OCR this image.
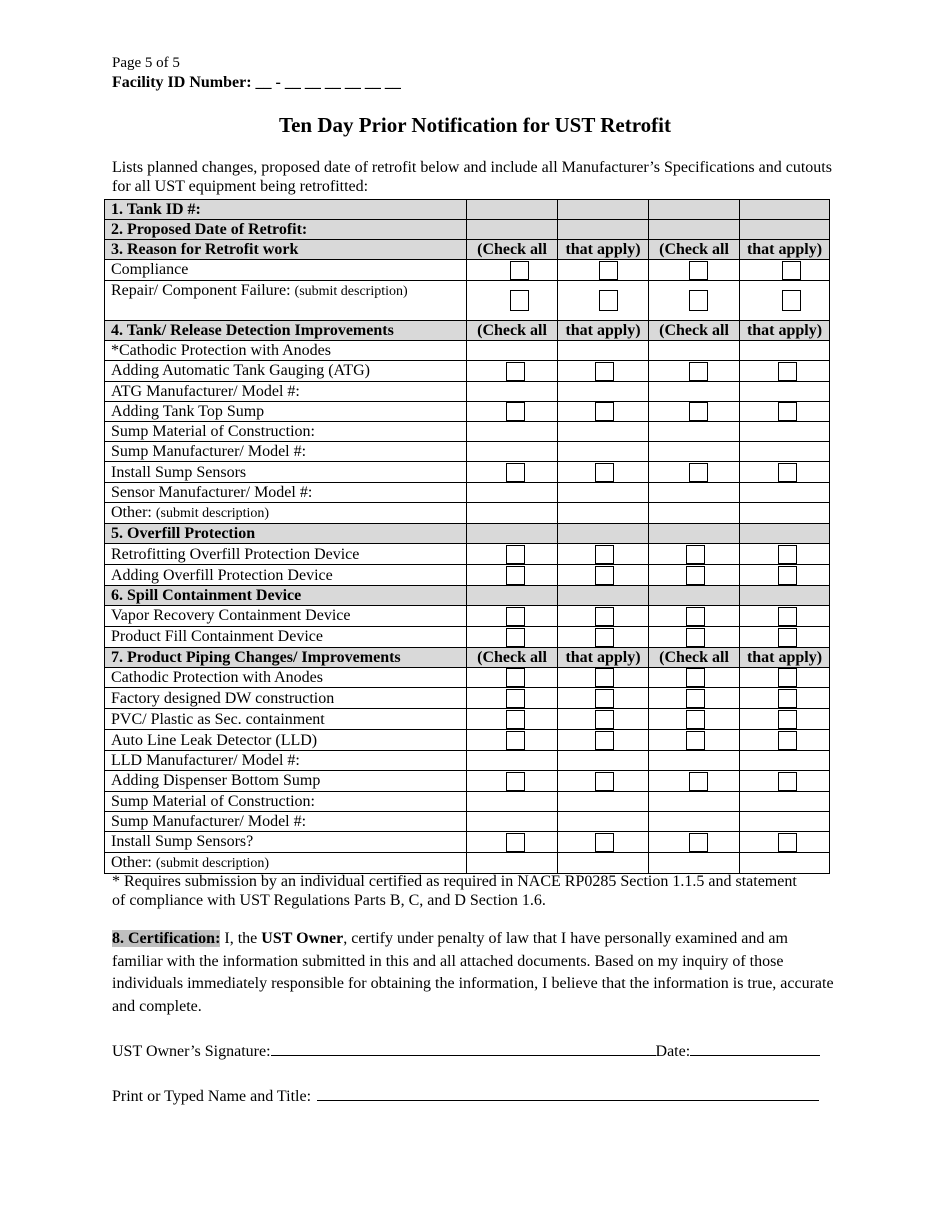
Page 5 of 5
Facility ID Number: __ - __ __ __ __ __ __
Ten Day Prior Notification for UST Retrofit
Lists planned changes, proposed date of retrofit below and include all Manufacturer’s Specifications and cutouts for all UST equipment being retrofitted:
1. Tank ID #:				
2. Proposed Date of Retrofit:				
3. Reason for Retrofit work	(Check all	that apply)	(Check all	that apply)
Compliance				
Repair/ Component Failure: (submit description)				
4. Tank/ Release Detection Improvements	(Check all	that apply)	(Check all	that apply)
*Cathodic Protection with Anodes				
Adding Automatic Tank Gauging (ATG)				
ATG Manufacturer/ Model #:				
Adding Tank Top Sump				
Sump Material of Construction:				
Sump Manufacturer/ Model #:				
Install Sump Sensors				
Sensor Manufacturer/ Model #:				
Other: (submit description)				
5. Overfill Protection				
Retrofitting Overfill Protection Device				
Adding Overfill Protection Device				
6. Spill Containment Device				
Vapor Recovery Containment Device				
Product Fill Containment Device				
7. Product Piping Changes/ Improvements	(Check all	that apply)	(Check all	that apply)
Cathodic Protection with Anodes				
Factory designed DW construction				
PVC/ Plastic as Sec. containment				
Auto Line Leak Detector (LLD)				
LLD Manufacturer/ Model #:				
Adding Dispenser Bottom Sump				
Sump Material of Construction:				
Sump Manufacturer/ Model #:				
Install Sump Sensors?				
Other: (submit description)				
* Requires submission by an individual certified as required in NACE RP0285 Section 1.1.5 and statement of compliance with UST Regulations Parts B, C, and D Section 1.6.
8. Certification: I, the UST Owner, certify under penalty of law that I have personally examined and am familiar with the information submitted in this and all attached documents. Based on my inquiry of those individuals immediately responsible for obtaining the information, I believe that the information is true, accurate and complete.
UST Owner’s Signature:	Date:
Print or Typed Name and Title:
